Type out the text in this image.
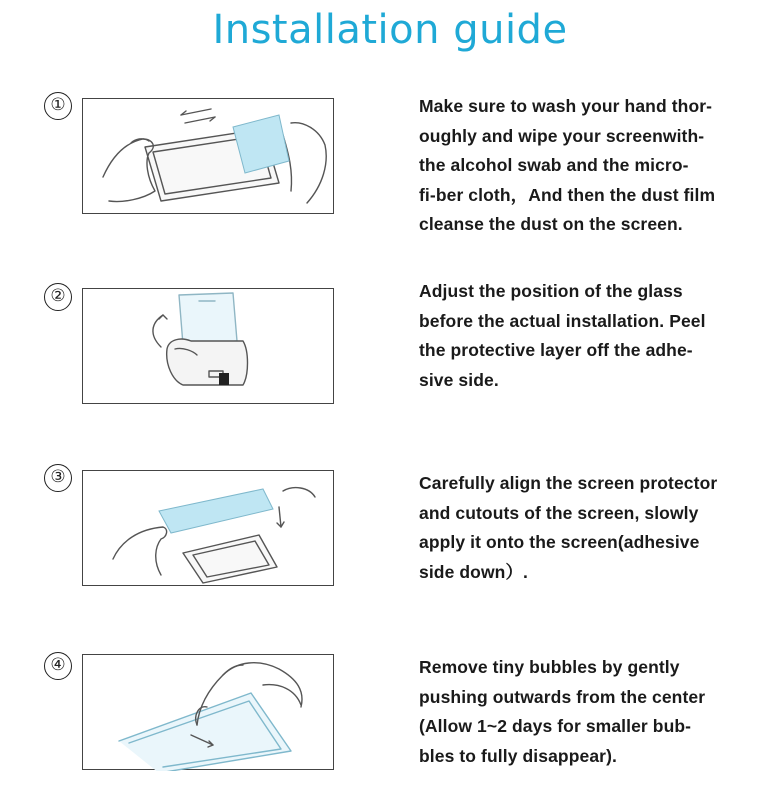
Installation guide
①	Make sure to wash your hand thor-
oughly and wipe your screenwith-
the alcohol swab and the micro-
fi-ber cloth，And then the dust film
cleanse the dust on the screen.
②	Adjust the position of the glass
before the actual installation. Peel
the protective layer off the adhe-
sive side.
③	Carefully align the screen protector
and cutouts of the screen, slowly
apply it onto the screen(adhesive
side down）.
④	Remove tiny bubbles by gently
pushing outwards from the center
(Allow 1~2 days for smaller bub-
bles to fully disappear).
